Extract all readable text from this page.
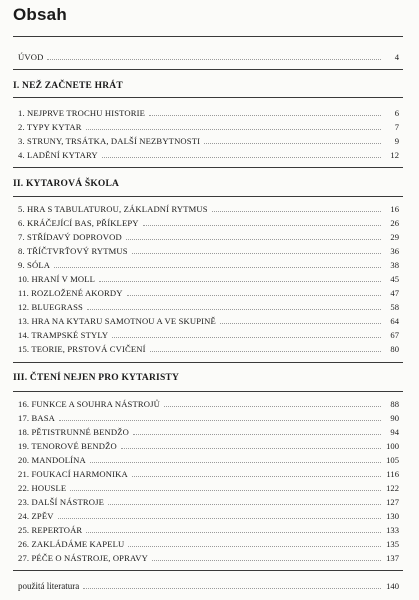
Obsah
ÚVOD	4
I. NEŽ ZAČNETE HRÁT
1. NEJPRVE TROCHU HISTORIE	6
2. TYPY KYTAR	7
3. STRUNY, TRSÁTKA, DALŠÍ NEZBYTNOSTI	9
4. LADĚNÍ KYTARY	12
II. KYTAROVÁ ŠKOLA
5. HRA S TABULATUROU, ZÁKLADNÍ RYTMUS	16
6. KRÁČEJÍCÍ BAS, PŘÍKLEPY	26
7. STŘÍDAVÝ DOPROVOD	29
8. TŘÍČTVRŤOVÝ RYTMUS	36
9. SÓLA	38
10. HRANÍ V MOLL	45
11. ROZLOŽENÉ AKORDY	47
12. BLUEGRASS	58
13. HRA NA KYTARU SAMOTNOU A VE SKUPINĚ	64
14. TRAMPSKÉ STYLY	67
15. TEORIE, PRSTOVÁ CVIČENÍ	80
III. ČTENÍ NEJEN PRO KYTARISTY
16. FUNKCE A SOUHRA NÁSTROJŮ	88
17. BASA	90
18. PĚTISTRUNNÉ BENDŽO	94
19. TENOROVÉ BENDŽO	100
20. MANDOLÍNA	105
21. FOUKACÍ HARMONIKA	116
22. HOUSLE	122
23. DALŠÍ NÁSTROJE	127
24. ZPĚV	130
25. REPERTOÁR	133
26. ZAKLÁDÁME KAPELU	135
27. PÉČE O NÁSTROJE, OPRAVY	137
použitá literatura	140
